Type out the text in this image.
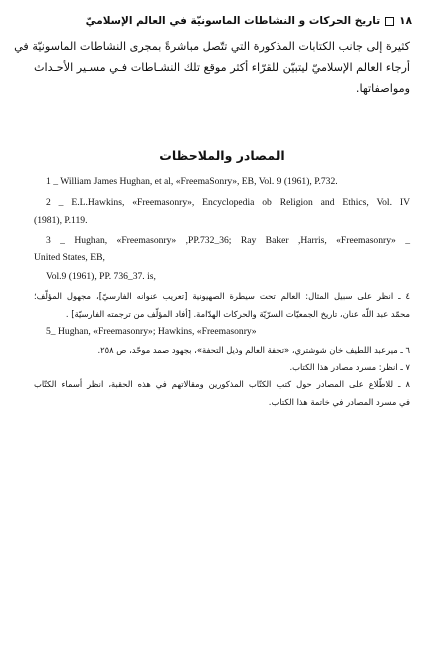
١٨
تاريخ الحركات و النشاطات الماسونيّة في العالم الإسلاميّ
كثيرة إلى جانب الكتابات المذكورة التي تتّصل مباشرةً بمجرى النشاطات الماسونيّة في
أرجاء العالم الإسلاميّ ليتبيّن للقرّاء أكثر موقع تلك النشـاطات فـي مسـير الأحـداث
ومواصفاتها.
المصادر والملاحظات
1 _ William James Hughan, et al, «FreemaSonry», EB, Vol. 9 (1961), P.732.
2 _ E.L.Hawkins, «Freemasonry», Encyclopedia ob Religion and Ethics, Vol. IV
(1981), P.119.
3 _ Hughan, «Freemasonry» ,PP.732_36; Ray Baker ,Harris, «Freemasonry» _
United States, EB,
Vol.9 (1961), PP. 736_37. is,
٤ ـ انظر على سبيل المثال: العالم تحت سيطرة الصهيونية [تعريب عنوانه الفارسيّ]، مجهول المؤلّف؛
محمّد عبد اللّه عنان، تاريخ الجمعيّات السرّيّة والحركات الهدّامة. [أفاد المؤلّف من ترجمته الفارسيّة] .
5_ Hughan, «Freemasonry»; Hawkins, «Freemasonry»
٦ ـ ميرعبد اللطيف خان شوشتري، «تحفة العالم وذيل التحفة»، بجهود صمد موحّد، ص ٢٥٨.
٧ ـ انظر: مسرد مصادر هذا الكتاب.
٨ ـ للاطّلاع على المصادر حول كتب الكتّاب المذكورين ومقالاتهم في هذه الحقبة، انظر أسماء الكتّاب
في مسرد المصادر في خاتمة هذا الكتاب.
